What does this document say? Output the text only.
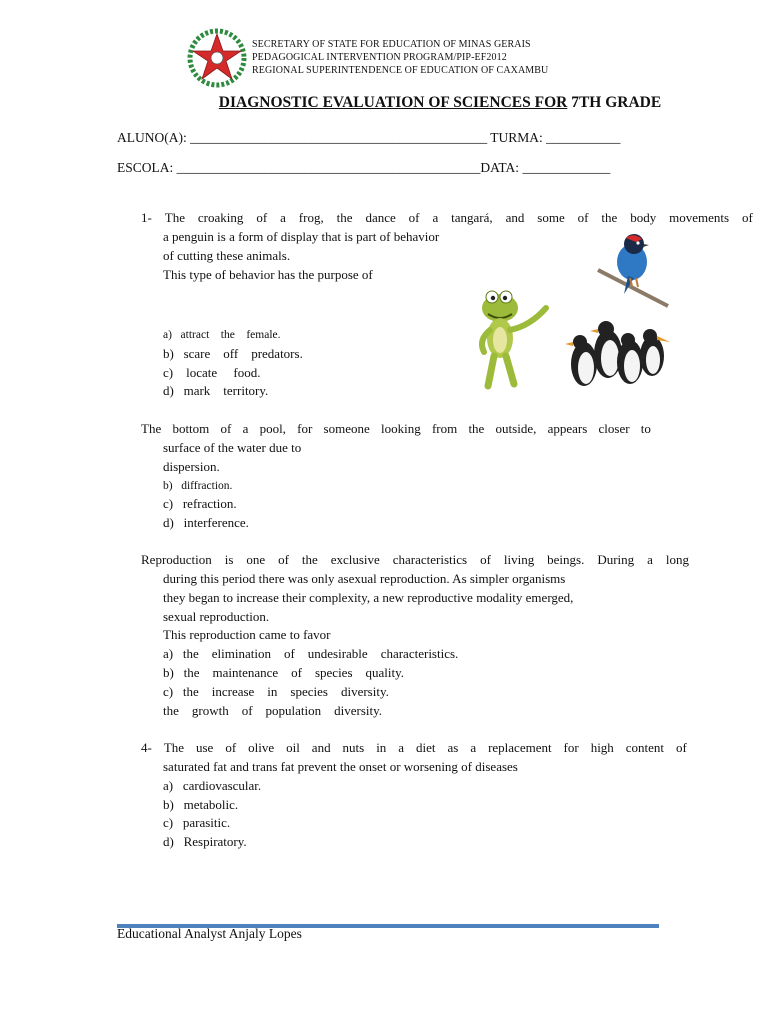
SECRETARY OF STATE FOR EDUCATION OF MINAS GERAIS
PEDAGOGICAL INTERVENTION PROGRAM/PIP-EF2012
REGIONAL SUPERINTENDENCE OF EDUCATION OF CAXAMBU
DIAGNOSTIC EVALUATION OF SCIENCES FOR 7TH GRADE
ALUNO(A): ____________________________________________ TURMA: ___________
ESCOLA: _____________________________________________DATA: _____________
1- The croaking of a frog, the dance of a tangará, and some of the body movements of
a penguin is a form of display that is part of behavior
of cutting these animals.
This type of behavior has the purpose of
a)   attract    the    female.
b)   scare    off    predators.
c)    locate     food.
d)   mark    territory.
The bottom of a pool, for someone looking from the outside, appears closer to
surface of the water due to
dispersion.
b)   diffraction.
c)   refraction.
d)   interference.
Reproduction is one of the exclusive characteristics of living beings. During a long
during this period there was only asexual reproduction. As simpler organisms
they began to increase their complexity, a new reproductive modality emerged,
sexual reproduction.
This reproduction came to favor
a)   the    elimination    of    undesirable    characteristics.
b)   the    maintenance    of    species    quality.
c)   the    increase    in    species    diversity.
the    growth    of    population    diversity.
4- The use of olive oil and nuts in a diet as a replacement for high content of
saturated fat and trans fat prevent the onset or worsening of diseases
a)   cardiovascular.
b)   metabolic.
c)   parasitic.
d)   Respiratory.
Educational Analyst Anjaly Lopes
